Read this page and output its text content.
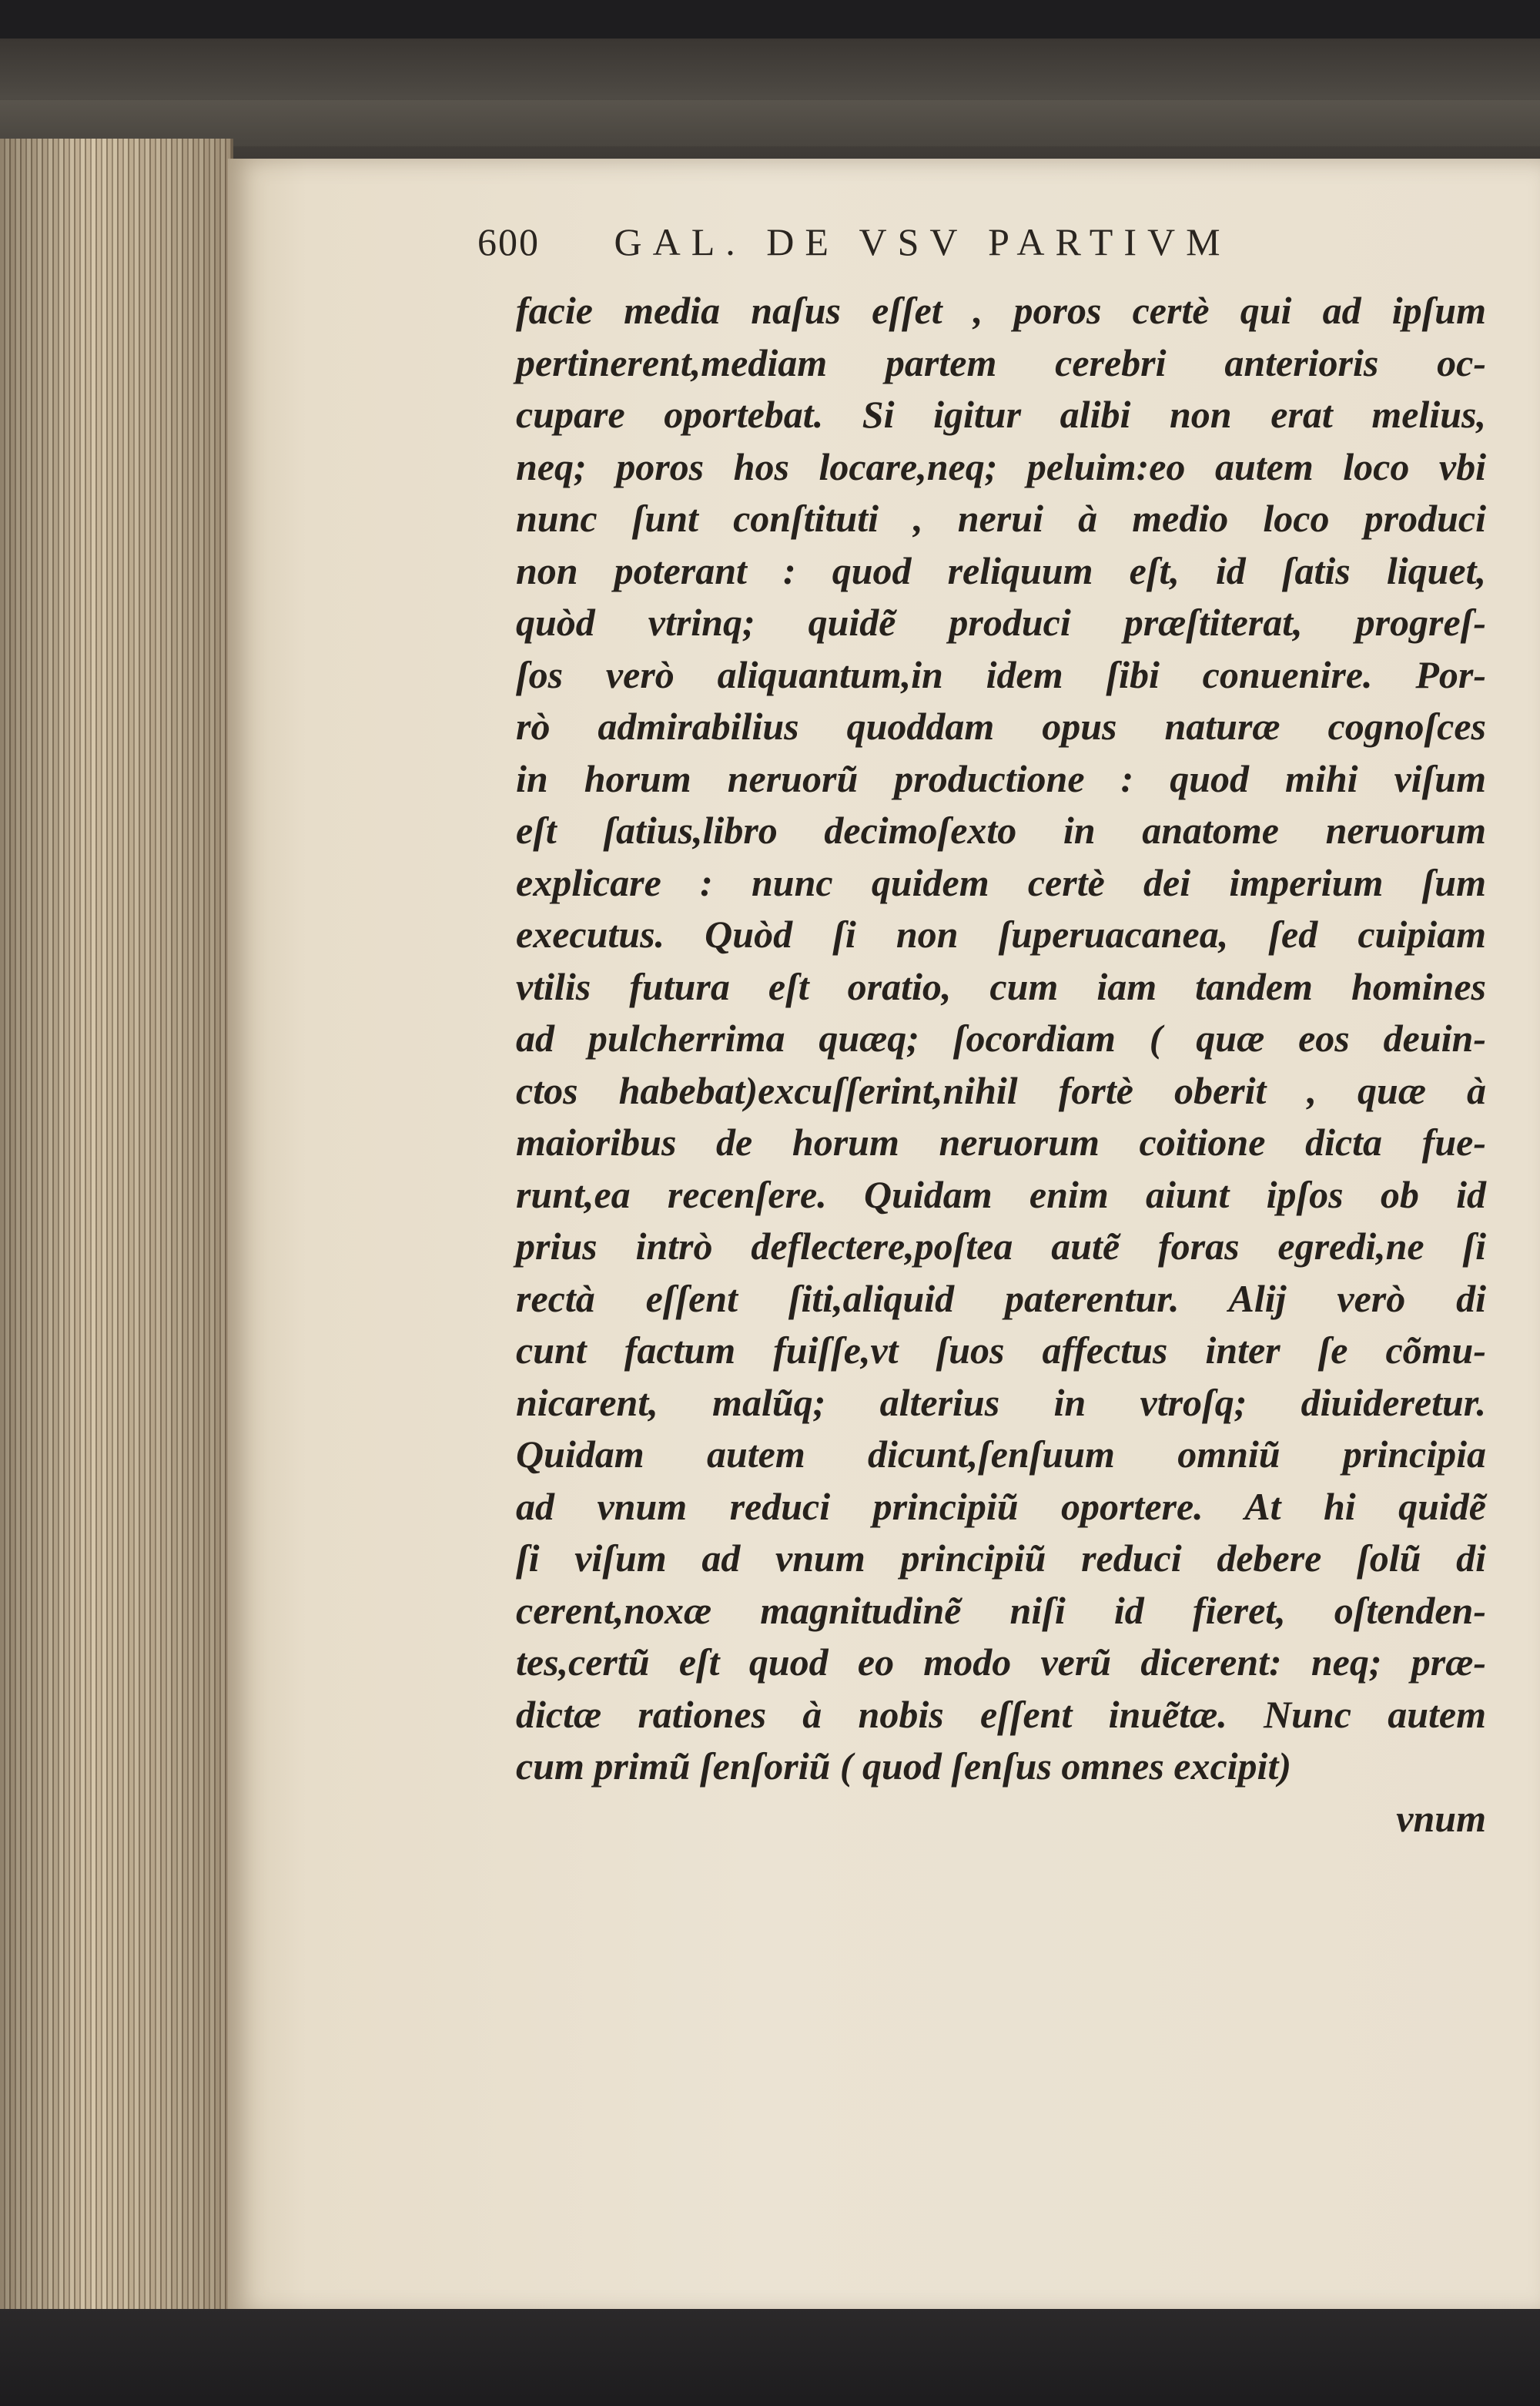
600 GAL. DE VSV PARTIVM
facie media naſus eſſet , poros certè qui ad ipſum
pertinerent,mediam partem cerebri anterioris oc-
cupare oportebat. Si igitur alibi non erat melius,
neq; poros hos locare,neq; peluim:eo autem loco vbi
nunc ſunt conſtituti , nerui à medio loco produci
non poterant : quod reliquum eſt, id ſatis liquet,
quòd vtrinq; quidẽ produci præſtiterat, progreſ-
ſos verò aliquantum,in idem ſibi conuenire. Por-
rò admirabilius quoddam opus naturæ cognoſces
in horum neruorũ productione : quod mihi viſum
eſt ſatius,libro decimoſexto in anatome neruorum
explicare : nunc quidem certè dei imperium ſum
executus. Quòd ſi non ſuperuacanea, ſed cuipiam
vtilis futura eſt oratio, cum iam tandem homines
ad pulcherrima quæq; ſocordiam ( quæ eos deuin-
ctos habebat)excuſſerint,nihil fortè oberit , quæ à
maioribus de horum neruorum coitione dicta fue-
runt,ea recenſere. Quidam enim aiunt ipſos ob id
prius intrò deflectere,poſtea autẽ foras egredi,ne ſi
rectà eſſent ſiti,aliquid paterentur. Alij verò di
cunt factum fuiſſe,vt ſuos affectus inter ſe cõmu-
nicarent, malũq; alterius in vtroſq; diuideretur.
Quidam autem dicunt,ſenſuum omniũ principia
ad vnum reduci principiũ oportere. At hi quidẽ
ſi viſum ad vnum principiũ reduci debere ſolũ di
cerent,noxæ magnitudinẽ niſi id fieret, oſtenden-
tes,certũ eſt quod eo modo verũ dicerent: neq; præ-
dictæ rationes à nobis eſſent inuẽtæ. Nunc autem
cum primũ ſenſoriũ ( quod ſenſus omnes excipit)
vnum
